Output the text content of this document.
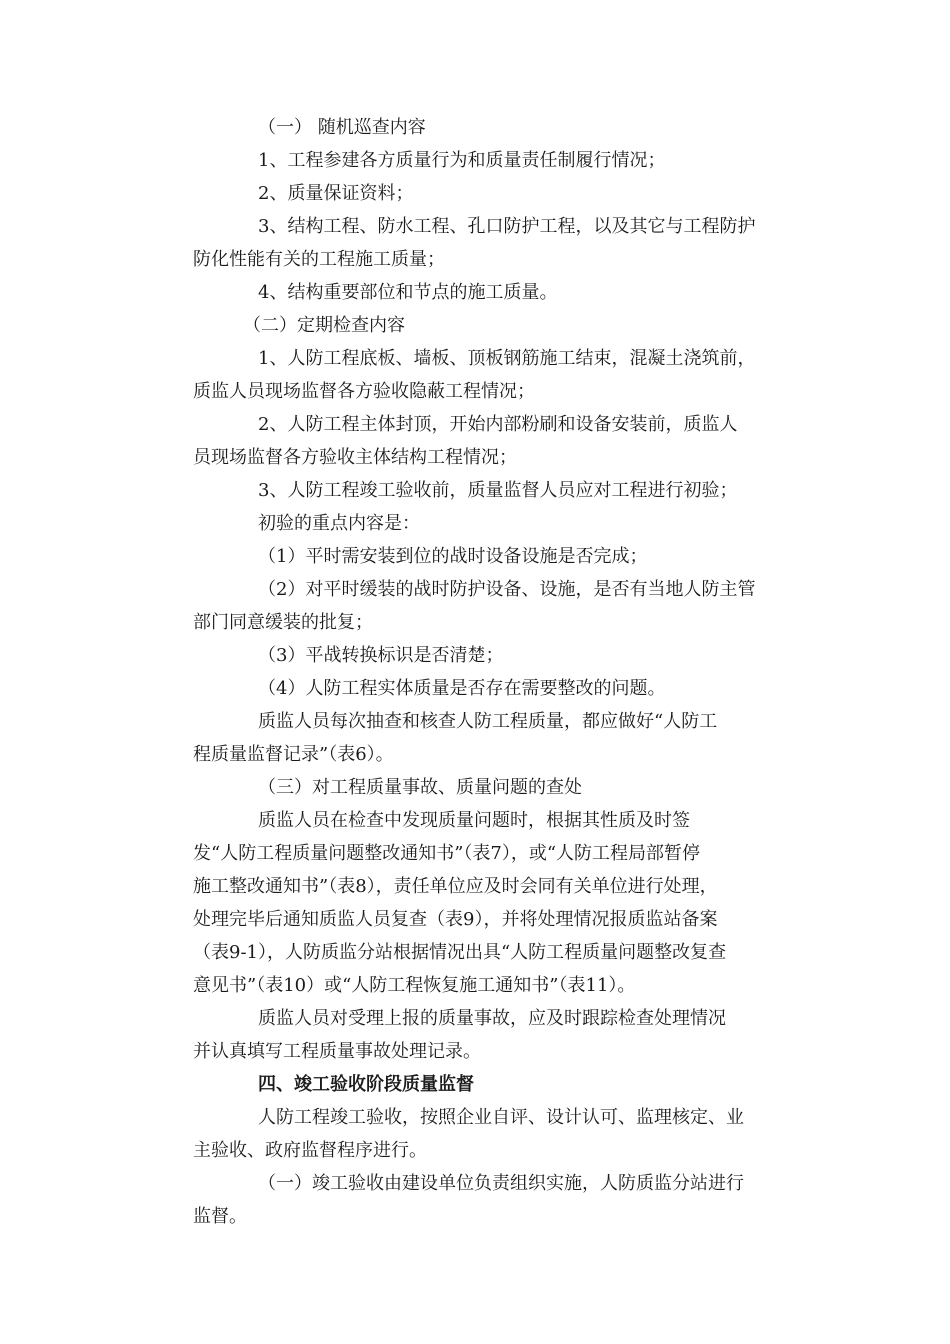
（一） 随机巡查内容
1、工程参建各方质量行为和质量责任制履行情况；
2、质量保证资料；
3、结构工程、防水工程、孔口防护工程，以及其它与工程防护
防化性能有关的工程施工质量；
4、结构重要部位和节点的施工质量。
（二）定期检查内容
1、人防工程底板、墙板、顶板钢筋施工结束，混凝土浇筑前，
质监人员现场监督各方验收隐蔽工程情况；
2、人防工程主体封顶，开始内部粉刷和设备安装前，质监人
员现场监督各方验收主体结构工程情况；
3、人防工程竣工验收前，质量监督人员应对工程进行初验；
初验的重点内容是：
（1）平时需安装到位的战时设备设施是否完成；
（2）对平时缓装的战时防护设备、设施，是否有当地人防主管
部门同意缓装的批复；
（3）平战转换标识是否清楚；
（4）人防工程实体质量是否存在需要整改的问题。
质监人员每次抽查和核查人防工程质量，都应做好“人防工
程质量监督记录”（表6）。
（三）对工程质量事故、质量问题的查处
质监人员在检查中发现质量问题时，根据其性质及时签
发“人防工程质量问题整改通知书”（表7），或“人防工程局部暂停
施工整改通知书”（表8），责任单位应及时会同有关单位进行处理，
处理完毕后通知质监人员复查（表9），并将处理情况报质监站备案
（表9-1），人防质监分站根据情况出具“人防工程质量问题整改复查
意见书”（表10）或“人防工程恢复施工通知书”（表11）。
质监人员对受理上报的质量事故，应及时跟踪检查处理情况
并认真填写工程质量事故处理记录。
四、竣工验收阶段质量监督
人防工程竣工验收，按照企业自评、设计认可、监理核定、业
主验收、政府监督程序进行。
（一）竣工验收由建设单位负责组织实施，人防质监分站进行
监督。
